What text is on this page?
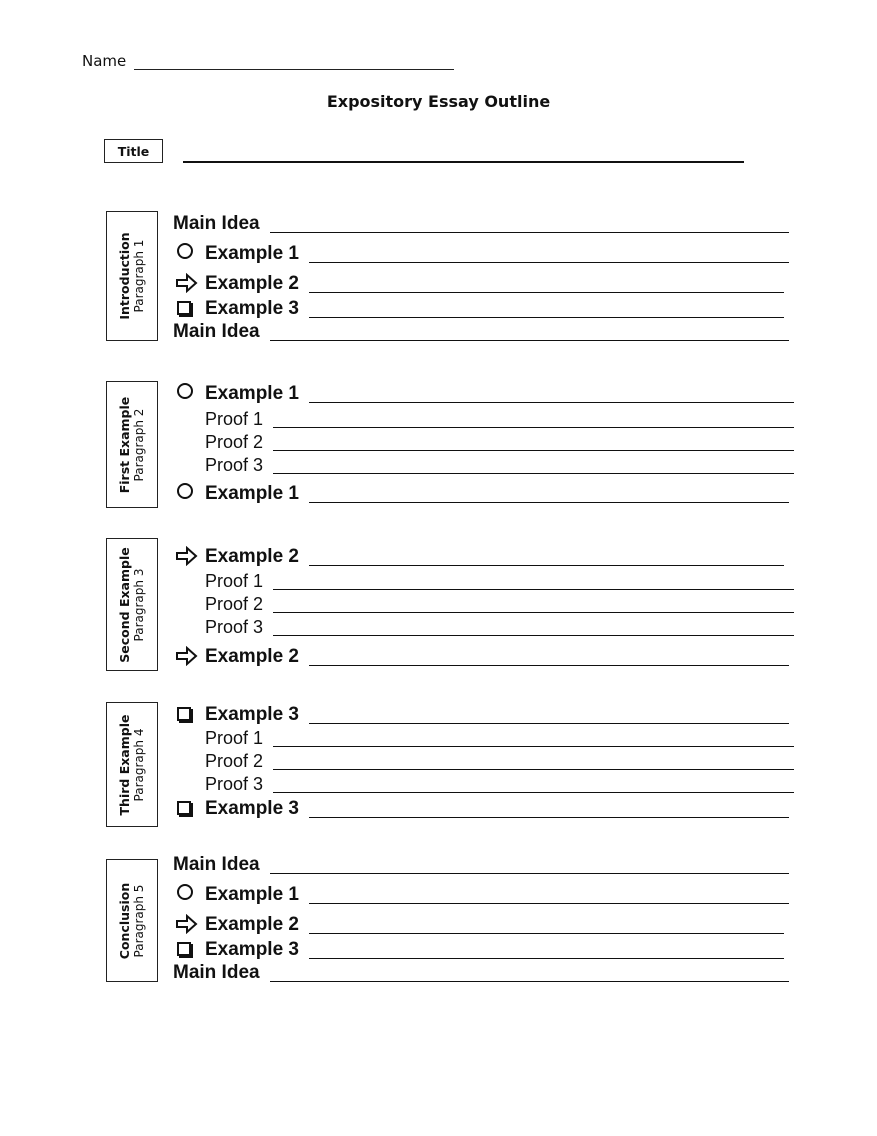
Name
Expository Essay Outline
Title
Introduction Paragraph 1
Main Idea
Example 1
Example 2
Example 3
Main Idea
First Example Paragraph 2
Example 1
Proof 1
Proof 2
Proof 3
Example 1
Second Example Paragraph 3
Example 2
Proof 1
Proof 2
Proof 3
Example 2
Third Example Paragraph 4
Example 3
Proof 1
Proof 2
Proof 3
Example 3
Conclusion Paragraph 5
Main Idea
Example 1
Example 2
Example 3
Main Idea
